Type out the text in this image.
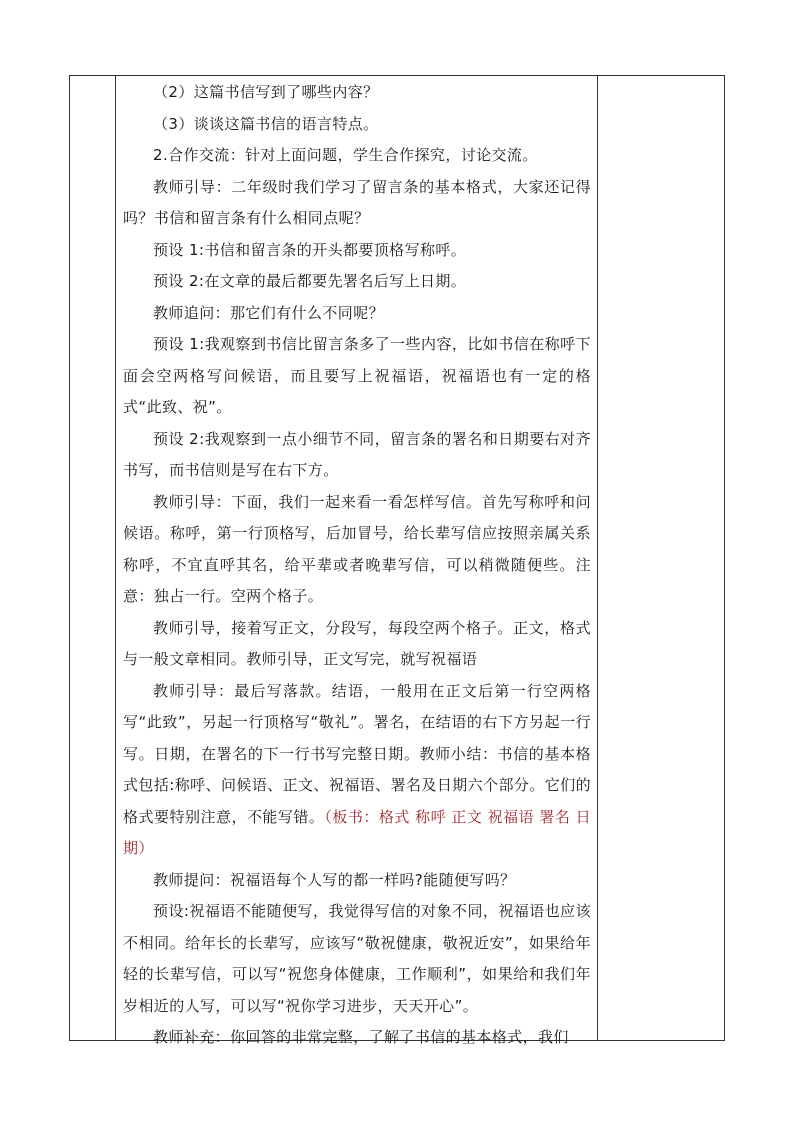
（2）这篇书信写到了哪些内容？

（3）谈谈这篇书信的语言特点。

2.合作交流：针对上面问题，学生合作探究，讨论交流。

教师引导：二年级时我们学习了留言条的基本格式，大家还记得吗？书信和留言条有什么相同点呢？

预设 1:书信和留言条的开头都要顶格写称呼。

预设 2:在文章的最后都要先署名后写上日期。

教师追问：那它们有什么不同呢？

预设 1:我观察到书信比留言条多了一些内容，比如书信在称呼下面会空两格写问候语，而且要写上祝福语，祝福语也有一定的格式“此致、祝”。

预设 2:我观察到一点小细节不同，留言条的署名和日期要右对齐书写，而书信则是写在右下方。

教师引导：下面，我们一起来看一看怎样写信。首先写称呼和问候语。称呼，第一行顶格写，后加冒号，给长辈写信应按照亲属关系称呼，不宜直呼其名，给平辈或者晚辈写信，可以稍微随便些。注意：独占一行。空两个格子。

教师引导，接着写正文，分段写，每段空两个格子。正文，格式与一般文章相同。教师引导，正文写完，就写祝福语

教师引导：最后写落款。结语，一般用在正文后第一行空两格写“此致”，另起一行顶格写“敬礼”。署名，在结语的右下方另起一行写。日期，在署名的下一行书写完整日期。教师小结：书信的基本格式包括:称呼、问候语、正文、祝福语、署名及日期六个部分。它们的格式要特别注意，不能写错。（板书：格式 称呼 正文 祝福语 署名 日期）

教师提问：祝福语每个人写的都一样吗?能随便写吗？

预设:祝福语不能随便写，我觉得写信的对象不同，祝福语也应该不相同。给年长的长辈写，应该写“敬祝健康，敬祝近安”，如果给年轻的长辈写信，可以写“祝您身体健康，工作顺利”，如果给和我们年岁相近的人写，可以写“祝你学习进步，天天开心”。

教师补充：你回答的非常完整，了解了书信的基本格式，我们
